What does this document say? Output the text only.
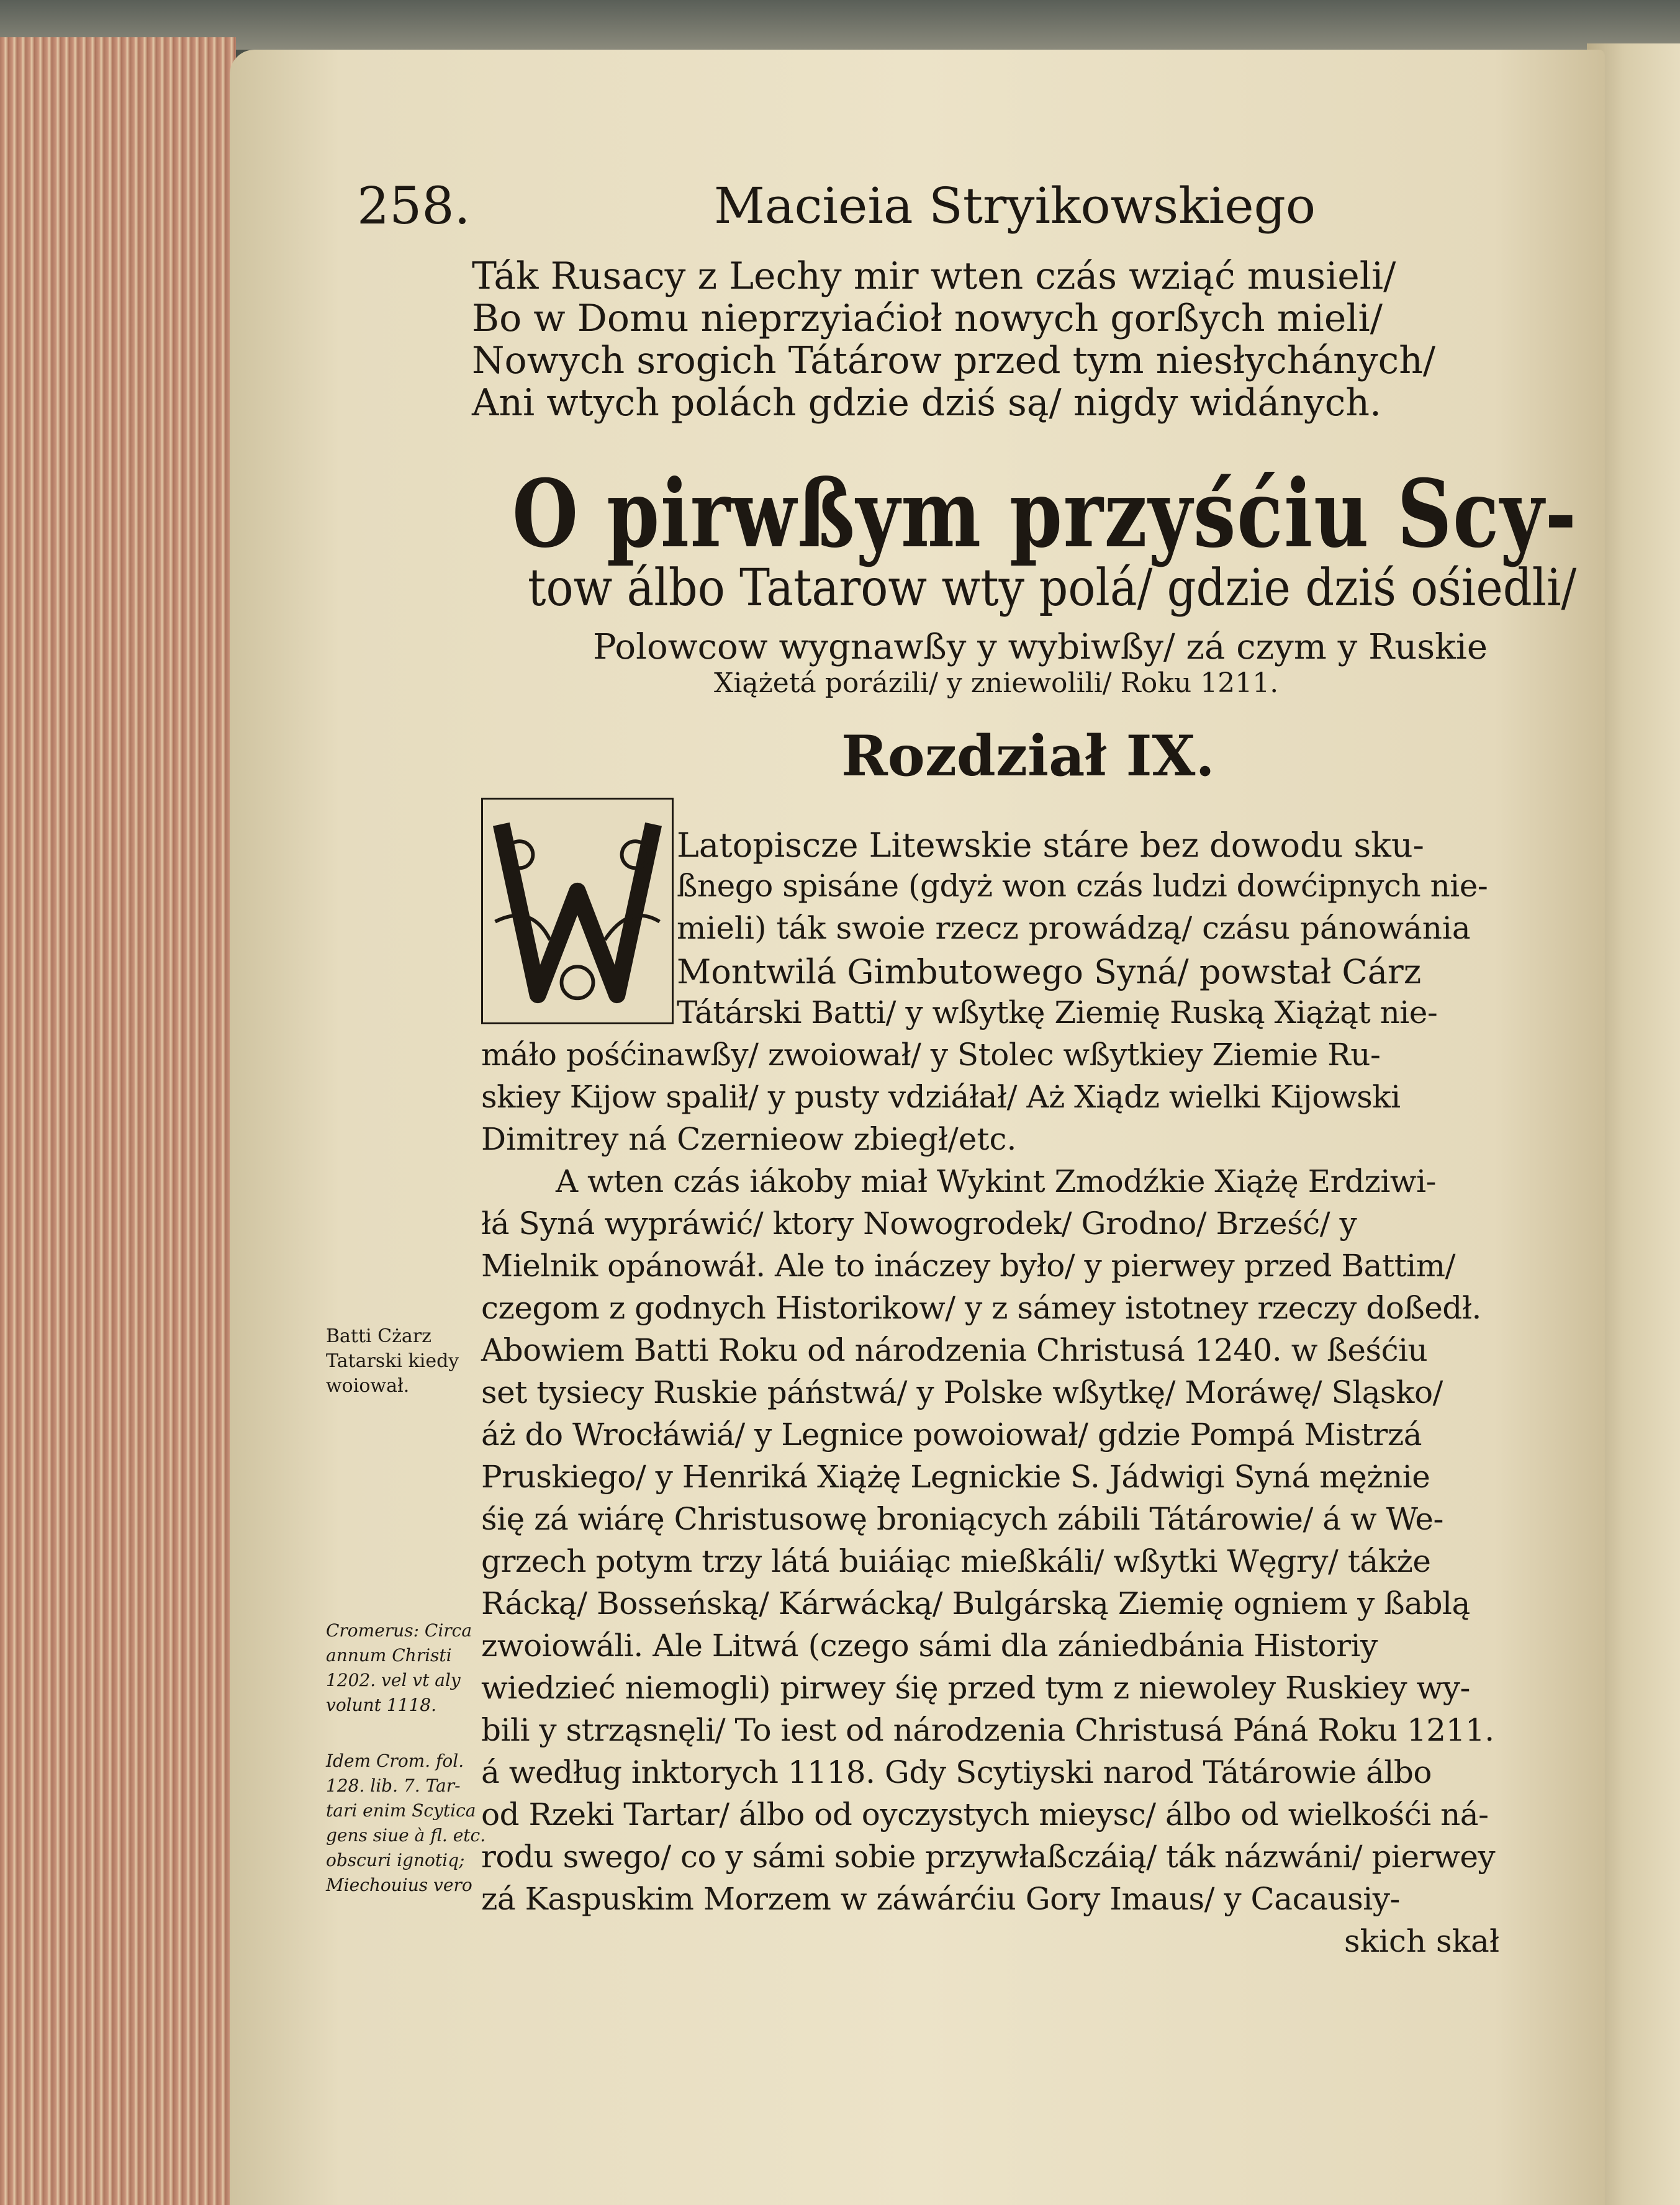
258.	Macieia Stryikowskiego
Ták Rusacy z Lechy mir wten czás wziąć musieli/
Bo w Domu nieprzyiaćioł nowych gorßych mieli/
Nowych srogich Tátárow przed tym niesłychánych/
Ani wtych polách gdzie dziś są/ nigdy widánych.
O pirwßym przyśćiu Scy-
tow álbo Tatarow wty polá/ gdzie dziś ośiedli/
Polowcow wygnawßy y wybiwßy/ zá czym y Ruskie
Xiążetá porázili/ y zniewolili/ Roku 1211.
Rozdział IX.
Latopiscze Litewskie stáre bez dowodu sku-
ßnego spisáne (gdyż won czás ludzi dowćipnych nie-
mieli) ták swoie rzecz prowádzą/ czásu pánowánia
Montwilá Gimbutowego Syná/ powstał Cárz
Tátárski Batti/ y wßytkę Ziemię Ruską Xiążąt nie-
máło pośćinawßy/ zwoiował/ y Stolec wßytkiey Ziemie Ru-
skiey Kijow spalił/ y pusty vdziáłał/ Aż Xiądz wielki Kijowski
Dimitrey ná Czernieow zbiegł/etc.
A wten czás iákoby miał Wykint Zmodźkie Xiążę Erdziwi-
łá Syná wypráwić/ ktory Nowogrodek/ Grodno/ Brześć/ y
Mielnik opánowáł. Ale to ináczey było/ y pierwey przed Battim/
czegom z godnych Historikow/ y z sámey istotney rzeczy doßedł.
Abowiem Batti Roku od národzenia Christusá 1240. w ßeśćiu
set tysiecy Ruskie páństwá/ y Polske wßytkę/ Moráwę/ Sląsko/
áż do Wrocłáwiá/ y Legnice powoiował/ gdzie Pompá Mistrzá
Pruskiego/ y Henriká Xiążę Legnickie S. Jádwigi Syná mężnie
śię zá wiárę Christusowę broniących zábili Tátárowie/ á w We-
grzech potym trzy látá buiáiąc mießkáli/ wßytki Węgry/ tákże
Rácką/ Bosseńską/ Kárwácką/ Bulgárską Ziemię ogniem y ßablą
zwoiowáli. Ale Litwá (czego sámi dla zániedbánia Historiy
wiedzieć niemogli) pirwey śię przed tym z niewoley Ruskiey wy-
bili y strząsnęli/ To iest od národzenia Christusá Páná Roku 1211.
á według inktorych 1118. Gdy Scytiyski narod Tátárowie álbo
od Rzeki Tartar/ álbo od oyczystych mieysc/ álbo od wielkośći ná-
rodu swego/ co y sámi sobie przywłaßczáią/ ták názwáni/ pierwey
zá Kaspuskim Morzem w záwárćiu Gory Imaus/ y Cacausiy-
skich skał
Batti Cżarz
Tatarski kiedy
woiował.
Cromerus: Circa
annum Christi
1202. vel vt aly
volunt 1118.
Idem Crom. fol.
128. lib. 7. Tar-
tari enim Scytica
gens siue à fl. etc.
obscuri ignotiq;
Miechouius vero
